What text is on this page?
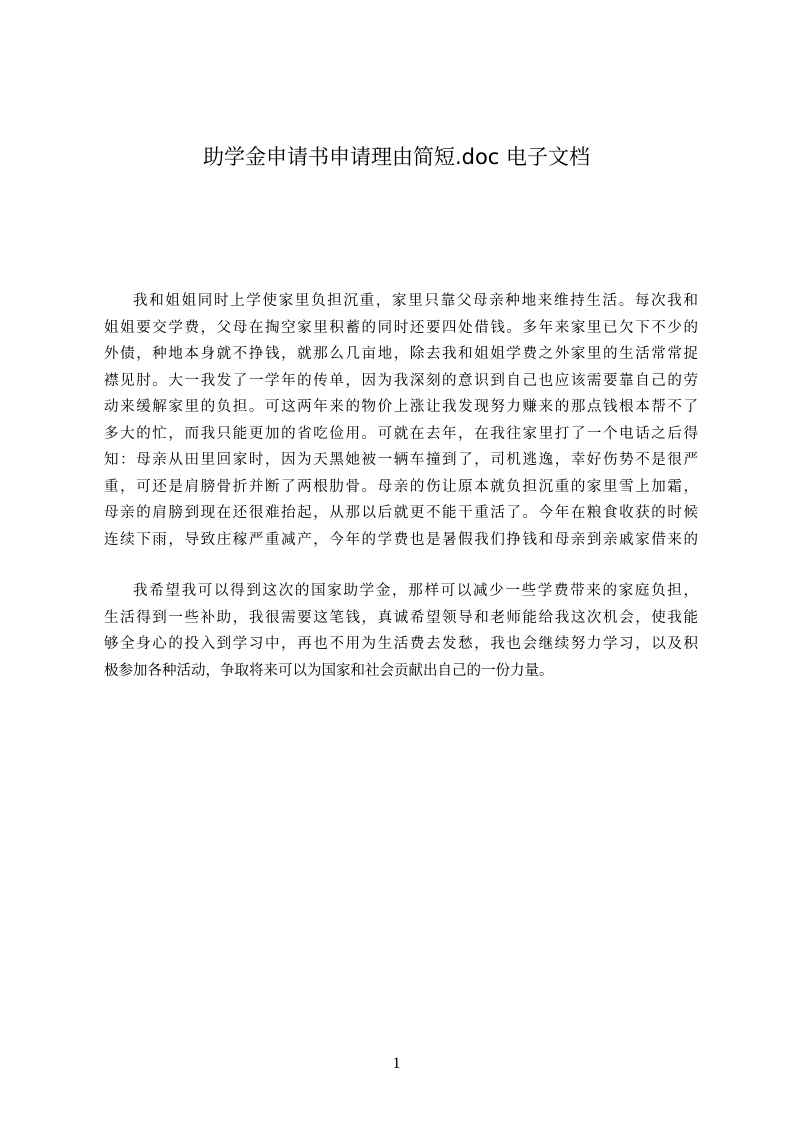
助学金申请书申请理由简短.doc 电子文档
我和姐姐同时上学使家里负担沉重，家里只靠父母亲种地来维持生活。每次我和
姐姐要交学费，父母在掏空家里积蓄的同时还要四处借钱。多年来家里已欠下不少的
外债，种地本身就不挣钱，就那么几亩地，除去我和姐姐学费之外家里的生活常常捉
襟见肘。大一我发了一学年的传单，因为我深刻的意识到自己也应该需要靠自己的劳
动来缓解家里的负担。可这两年来的物价上涨让我发现努力赚来的那点钱根本帮不了
多大的忙，而我只能更加的省吃俭用。可就在去年，在我往家里打了一个电话之后得
知：母亲从田里回家时，因为天黑她被一辆车撞到了，司机逃逸，幸好伤势不是很严
重，可还是肩膀骨折并断了两根肋骨。母亲的伤让原本就负担沉重的家里雪上加霜，
母亲的肩膀到现在还很难抬起，从那以后就更不能干重活了。今年在粮食收获的时候
连续下雨，导致庄稼严重减产，今年的学费也是暑假我们挣钱和母亲到亲戚家借来的
我希望我可以得到这次的国家助学金，那样可以减少一些学费带来的家庭负担，
生活得到一些补助，我很需要这笔钱，真诚希望领导和老师能给我这次机会，使我能
够全身心的投入到学习中，再也不用为生活费去发愁，我也会继续努力学习，以及积
极参加各种活动，争取将来可以为国家和社会贡献出自己的一份力量。
1
